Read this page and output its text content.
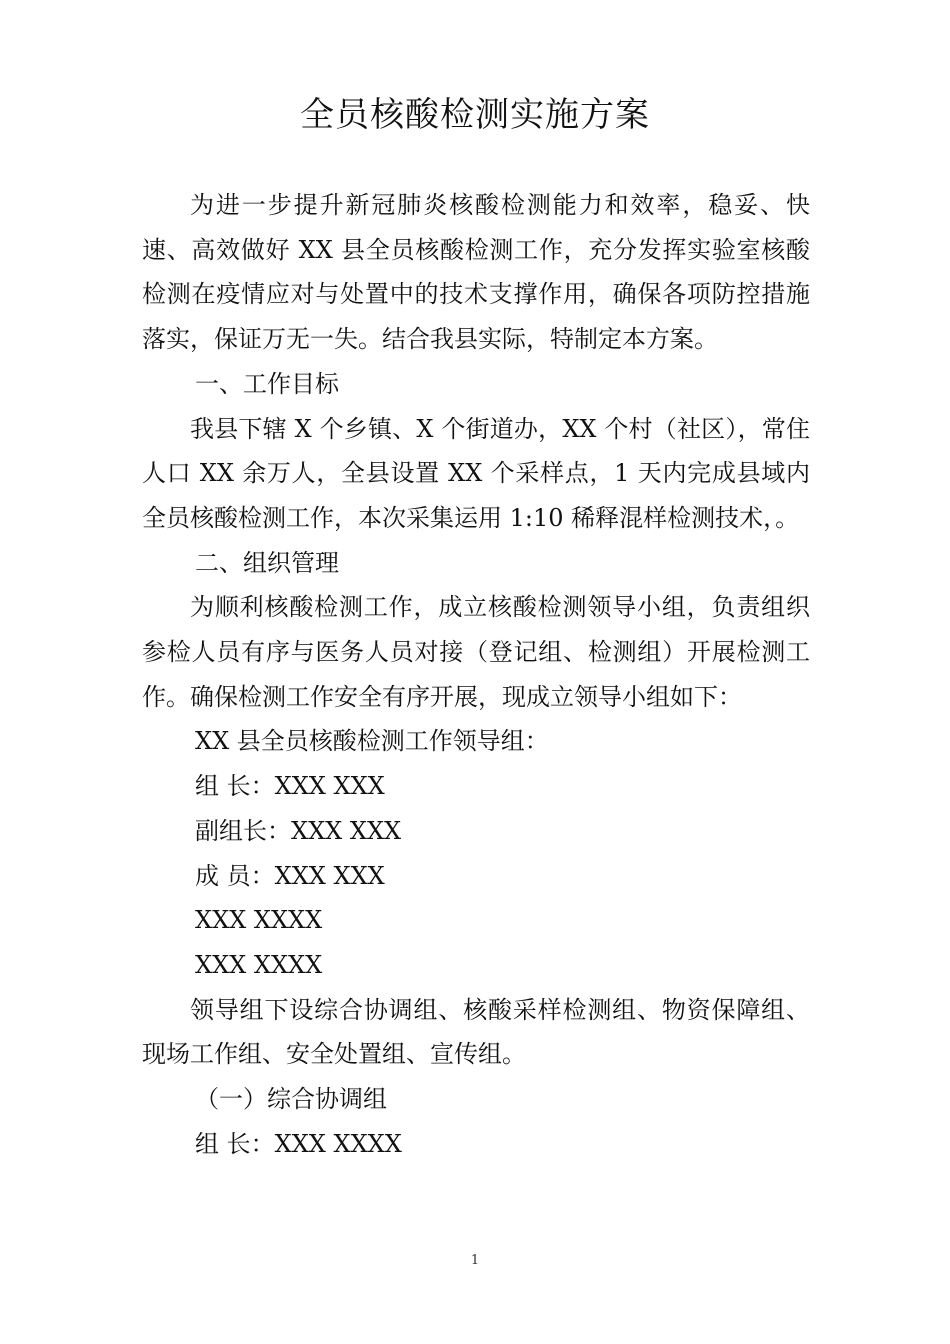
全员核酸检测实施方案

为进一步提升新冠肺炎核酸检测能力和效率，稳妥、快速、高效做好 XX 县全员核酸检测工作，充分发挥实验室核酸检测在疫情应对与处置中的技术支撑作用，确保各项防控措施落实，保证万无一失。结合我县实际，特制定本方案。

一、工作目标

我县下辖 X 个乡镇、X 个街道办，XX 个村（社区），常住人口 XX 余万人，全县设置 XX 个采样点，1 天内完成县域内全员核酸检测工作，本次采集运用 1:10 稀释混样检测技术，。

二、组织管理

为顺利核酸检测工作，成立核酸检测领导小组，负责组织参检人员有序与医务人员对接（登记组、检测组）开展检测工作。确保检测工作安全有序开展，现成立领导小组如下：

XX 县全员核酸检测工作领导组：

组 长：XXX XXX

副组长：XXX XXX

成 员：XXX XXX

XXX XXXX

XXX XXXX

领导组下设综合协调组、核酸采样检测组、物资保障组、现场工作组、安全处置组、宣传组。

（一）综合协调组

组 长：XXX XXXX

1
